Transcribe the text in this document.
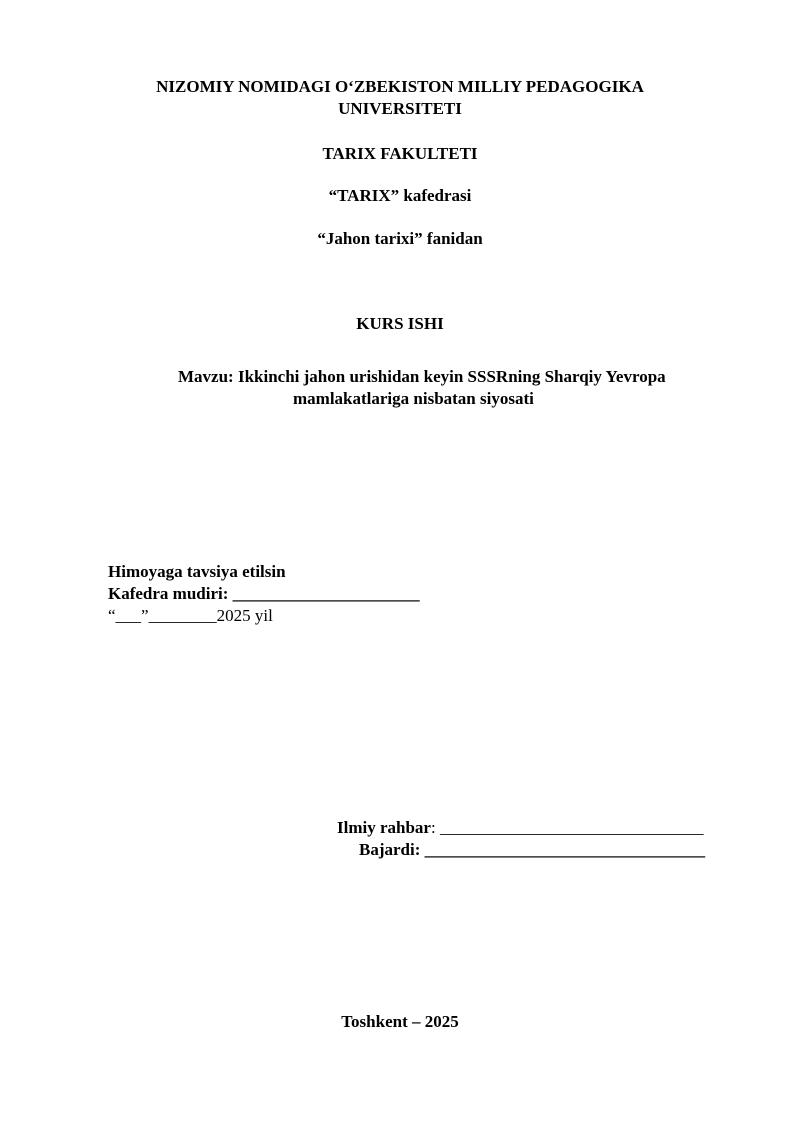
NIZOMIY NOMIDAGI O‘ZBEKISTON MILLIY PEDAGOGIKA
UNIVERSITETI
TARIX FAKULTETI
“TARIX” kafedrasi
“Jahon tarixi” fanidan
KURS ISHI
Mavzu: Ikkinchi jahon urishidan keyin SSSRning Sharqiy Yevropa
mamlakatlariga nisbatan siyosati
Himoyaga tavsiya etilsin
Kafedra mudiri: ______________________
“___”________2025 yil
Ilmiy rahbar: _______________________________
Bajardi: _________________________________
Toshkent – 2025
